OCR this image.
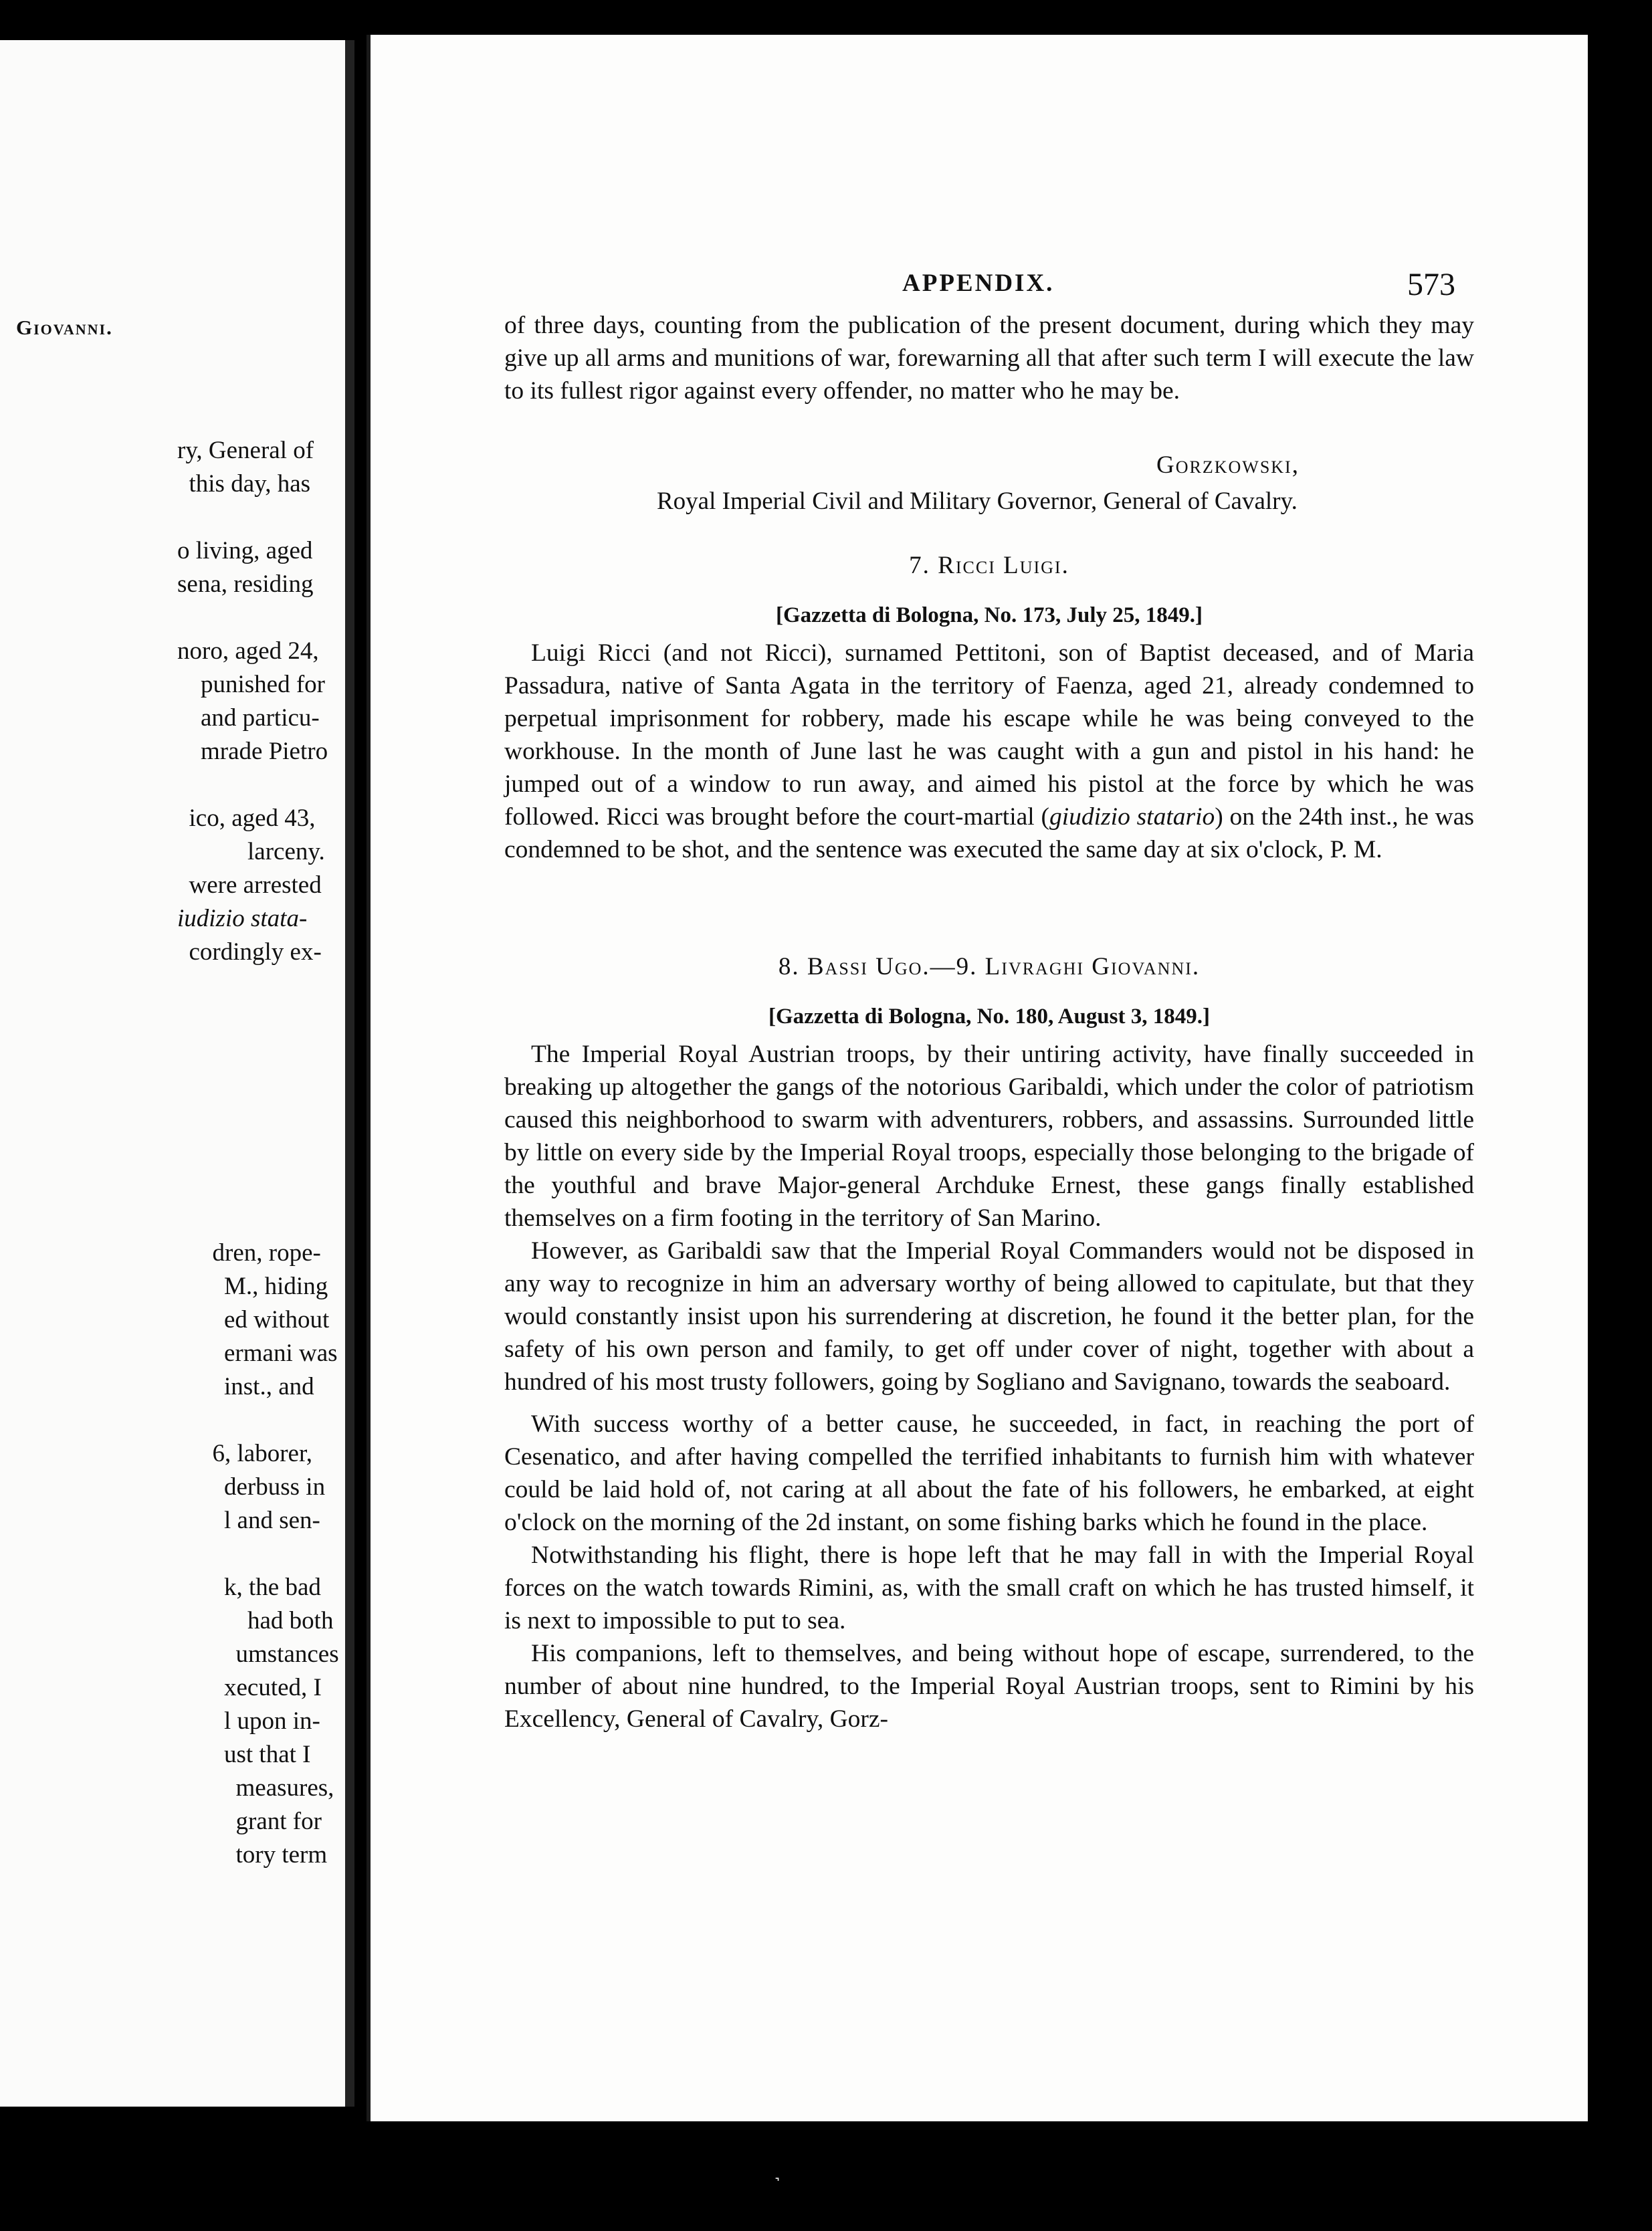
Giovanni.
ry, General of
this day, has
o living, aged
sena, residing
noro, aged 24,
punished for
and particu-
mrade Pietro
ico, aged 43,
larceny.
were arrested
iudizio stata-
cordingly ex-
dren, rope-
M., hiding
ed without
ermani was
inst., and
6, laborer,
derbuss in
l and sen-
k, the bad
had both
umstances
xecuted, I
l upon in-
ust that I
measures,
grant for
tory term
APPENDIX.	573

of three days, counting from the publication of the present document, during which they may give up all arms and munitions of war, forewarning all that after such term I will execute the law to its fullest rigor against every offender, no matter who he may be.

Gorzkowski,
Royal Imperial Civil and Military Governor, General of Cavalry.
7. Ricci Luigi.
[Gazzetta di Bologna, No. 173, July 25, 1849.]

Luigi Ricci (and not Ricci), surnamed Pettitoni, son of Baptist deceased, and of Maria Passadura, native of Santa Agata in the territory of Faenza, aged 21, already condemned to perpetual imprisonment for robbery, made his escape while he was being conveyed to the workhouse. In the month of June last he was caught with a gun and pistol in his hand: he jumped out of a window to run away, and aimed his pistol at the force by which he was followed. Ricci was brought before the court-martial (giudizio statario) on the 24th inst., he was condemned to be shot, and the sentence was executed the same day at six o'clock, P. M.

8. Bassi Ugo.—9. Livraghi Giovanni.
[Gazzetta di Bologna, No. 180, August 3, 1849.]

The Imperial Royal Austrian troops, by their untiring activity, have finally succeeded in breaking up altogether the gangs of the notorious Garibaldi, which under the color of patriotism caused this neighborhood to swarm with adventurers, robbers, and assassins. Surrounded little by little on every side by the Imperial Royal troops, especially those belonging to the brigade of the youthful and brave Major-general Archduke Ernest, these gangs finally established themselves on a firm footing in the territory of San Marino.

However, as Garibaldi saw that the Imperial Royal Commanders would not be disposed in any way to recognize in him an adversary worthy of being allowed to capitulate, but that they would constantly insist upon his surrendering at discretion, he found it the better plan, for the safety of his own person and family, to get off under cover of night, together with about a hundred of his most trusty followers, going by Sogliano and Savignano, towards the seaboard.

With success worthy of a better cause, he succeeded, in fact, in reaching the port of Cesenatico, and after having compelled the terrified inhabitants to furnish him with whatever could be laid hold of, not caring at all about the fate of his followers, he embarked, at eight o'clock on the morning of the 2d instant, on some fishing barks which he found in the place.

Notwithstanding his flight, there is hope left that he may fall in with the Imperial Royal forces on the watch towards Rimini, as, with the small craft on which he has trusted himself, it is next to impossible to put to sea.

His companions, left to themselves, and being without hope of escape, surrendered, to the number of about nine hundred, to the Imperial Royal Austrian troops, sent to Rimini by his Excellency, General of Cavalry, Gorz-

˺
